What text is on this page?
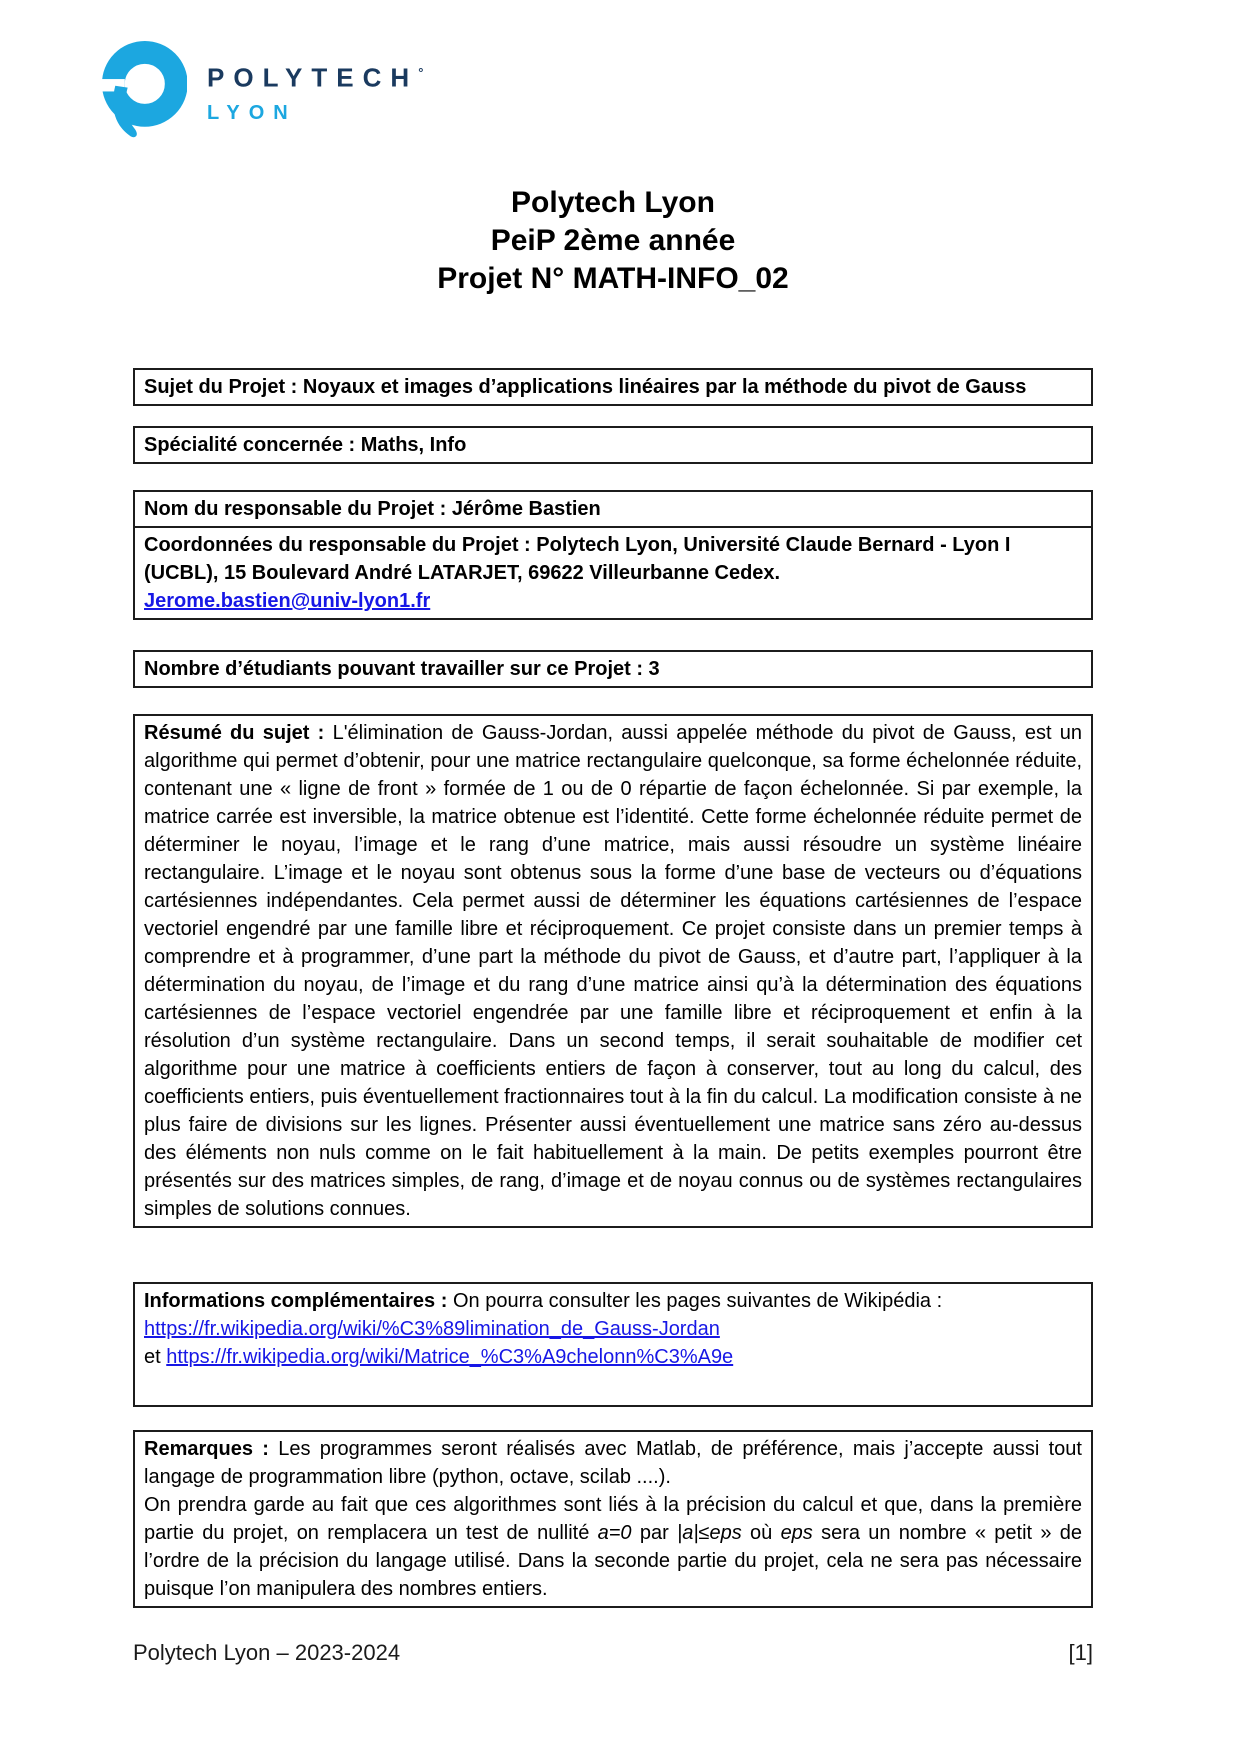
POLYTECH°
LYON
Polytech Lyon
PeiP 2ème année
Projet N° MATH-INFO_02

Sujet du Projet : Noyaux et images d’applications linéaires par la méthode du pivot de Gauss

Spécialité concernée : Maths, Info

Nom du responsable du Projet : Jérôme Bastien

Coordonnées du responsable du Projet : Polytech Lyon, Université Claude Bernard - Lyon I (UCBL), 15 Boulevard André LATARJET, 69622 Villeurbanne Cedex.

Jerome.bastien@univ-lyon1.fr

Nombre d’étudiants pouvant travailler sur ce Projet : 3

Résumé du sujet : L'élimination de Gauss-Jordan, aussi appelée méthode du pivot de Gauss, est un algorithme qui permet d’obtenir, pour une matrice rectangulaire quelconque, sa forme échelonnée réduite, contenant une « ligne de front » formée de 1 ou de 0 répartie de façon échelonnée. Si par exemple, la matrice carrée est inversible, la matrice obtenue est l’identité. Cette forme échelonnée réduite permet de déterminer le noyau, l’image et le rang d’une matrice, mais aussi résoudre un système linéaire rectangulaire. L’image et le noyau sont obtenus sous la forme d’une base de vecteurs ou d’équations cartésiennes indépendantes. Cela permet aussi de déterminer les équations cartésiennes de l’espace vectoriel engendré par une famille libre et réciproquement. Ce projet consiste dans un premier temps à comprendre et à programmer, d’une part la méthode du pivot de Gauss, et d’autre part, l’appliquer à la détermination du noyau, de l’image et du rang d’une matrice ainsi qu’à la détermination des équations cartésiennes de l’espace vectoriel engendrée par une famille libre et réciproquement et enfin à la résolution d’un système rectangulaire. Dans un second temps, il serait souhaitable de modifier cet algorithme pour une matrice à coefficients entiers de façon à conserver, tout au long du calcul, des coefficients entiers, puis éventuellement fractionnaires tout à la fin du calcul. La modification consiste à ne plus faire de divisions sur les lignes. Présenter aussi éventuellement une matrice sans zéro au-dessus des éléments non nuls comme on le fait habituellement à la main. De petits exemples pourront être présentés sur des matrices simples, de rang, d’image et de noyau connus ou de systèmes rectangulaires simples de solutions connues.

Informations complémentaires : On pourra consulter les pages suivantes de Wikipédia :

https://fr.wikipedia.org/wiki/%C3%89limination_de_Gauss-Jordan

et https://fr.wikipedia.org/wiki/Matrice_%C3%A9chelonn%C3%A9e

Remarques : Les programmes seront réalisés avec Matlab, de préférence, mais j’accepte aussi tout langage de programmation libre (python, octave, scilab ....).

On prendra garde au fait que ces algorithmes sont liés à la précision du calcul et que, dans la première partie du projet, on remplacera un test de nullité a=0 par |a|≤eps où eps sera un nombre « petit » de l’ordre de la précision du langage utilisé. Dans la seconde partie du projet, cela ne sera pas nécessaire puisque l’on manipulera des nombres entiers.

Polytech Lyon – 2023-2024	[1]
